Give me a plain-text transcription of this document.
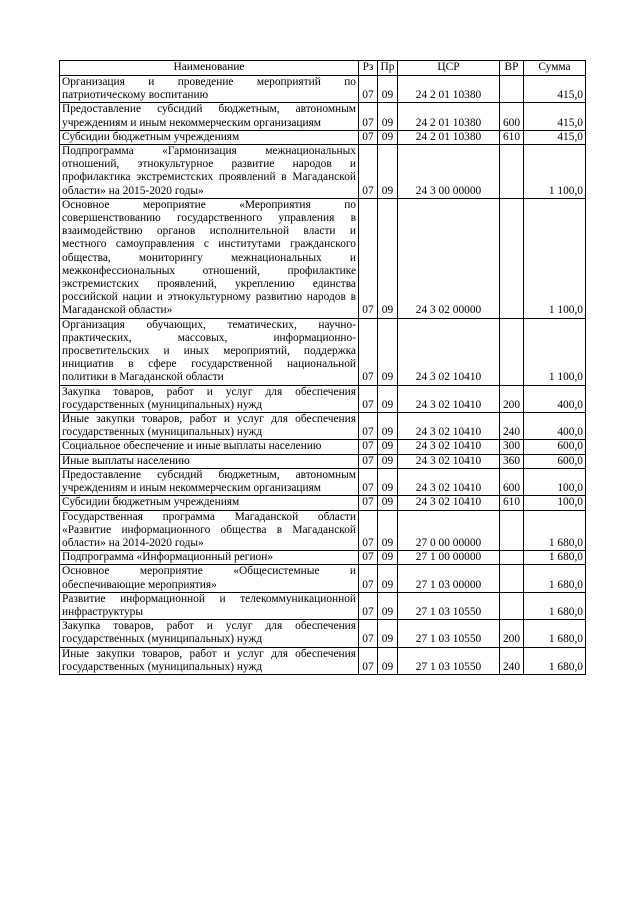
Наименование	Рз	Пр	ЦСР	ВР	Сумма
Организация и проведение мероприятий по патриотическому воспитанию	07	09	24 2 01 10380		415,0
Предоставление субсидий бюджетным, автономным учреждениям и иным некоммерческим организациям	07	09	24 2 01 10380	600	415,0
Субсидии бюджетным учреждениям	07	09	24 2 01 10380	610	415,0
Подпрограмма «Гармонизация межнациональных отношений, этнокультурное развитие народов и профилактика экстремистских проявлений в Магаданской области» на 2015-2020 годы»	07	09	24 3 00 00000		1 100,0
Основное мероприятие «Мероприятия по совершенствованию государственного управления в взаимодействию органов исполнительной власти и местного самоуправления с институтами гражданского общества, мониторингу межнациональных и межконфессиональных отношений, профилактике экстремистских проявлений, укреплению единства российской нации и этнокультурному развитию народов в Магаданской области»	07	09	24 3 02 00000		1 100,0
Организация обучающих, тематических, научно-практических, массовых, информационно-просветительских и иных мероприятий, поддержка инициатив в сфере государственной национальной политики в Магаданской области	07	09	24 3 02 10410		1 100,0
Закупка товаров, работ и услуг для обеспечения государственных (муниципальных) нужд	07	09	24 3 02 10410	200	400,0
Иные закупки товаров, работ и услуг для обеспечения государственных (муниципальных) нужд	07	09	24 3 02 10410	240	400,0
Социальное обеспечение и иные выплаты населению	07	09	24 3 02 10410	300	600,0
Иные выплаты населению	07	09	24 3 02 10410	360	600,0
Предоставление субсидий бюджетным, автономным учреждениям и иным некоммерческим организациям	07	09	24 3 02 10410	600	100,0
Субсидии бюджетным учреждениям	07	09	24 3 02 10410	610	100,0
Государственная программа Магаданской области «Развитие информационного общества в Магаданской области» на 2014-2020 годы»	07	09	27 0 00 00000		1 680,0
Подпрограмма «Информационный регион»	07	09	27 1 00 00000		1 680,0
Основное мероприятие «Общесистемные и обеспечивающие мероприятия»	07	09	27 1 03 00000		1 680,0
Развитие информационной и телекоммуникационной инфраструктуры	07	09	27 1 03 10550		1 680,0
Закупка товаров, работ и услуг для обеспечения государственных (муниципальных) нужд	07	09	27 1 03 10550	200	1 680,0
Иные закупки товаров, работ и услуг для обеспечения государственных (муниципальных) нужд	07	09	27 1 03 10550	240	1 680,0
